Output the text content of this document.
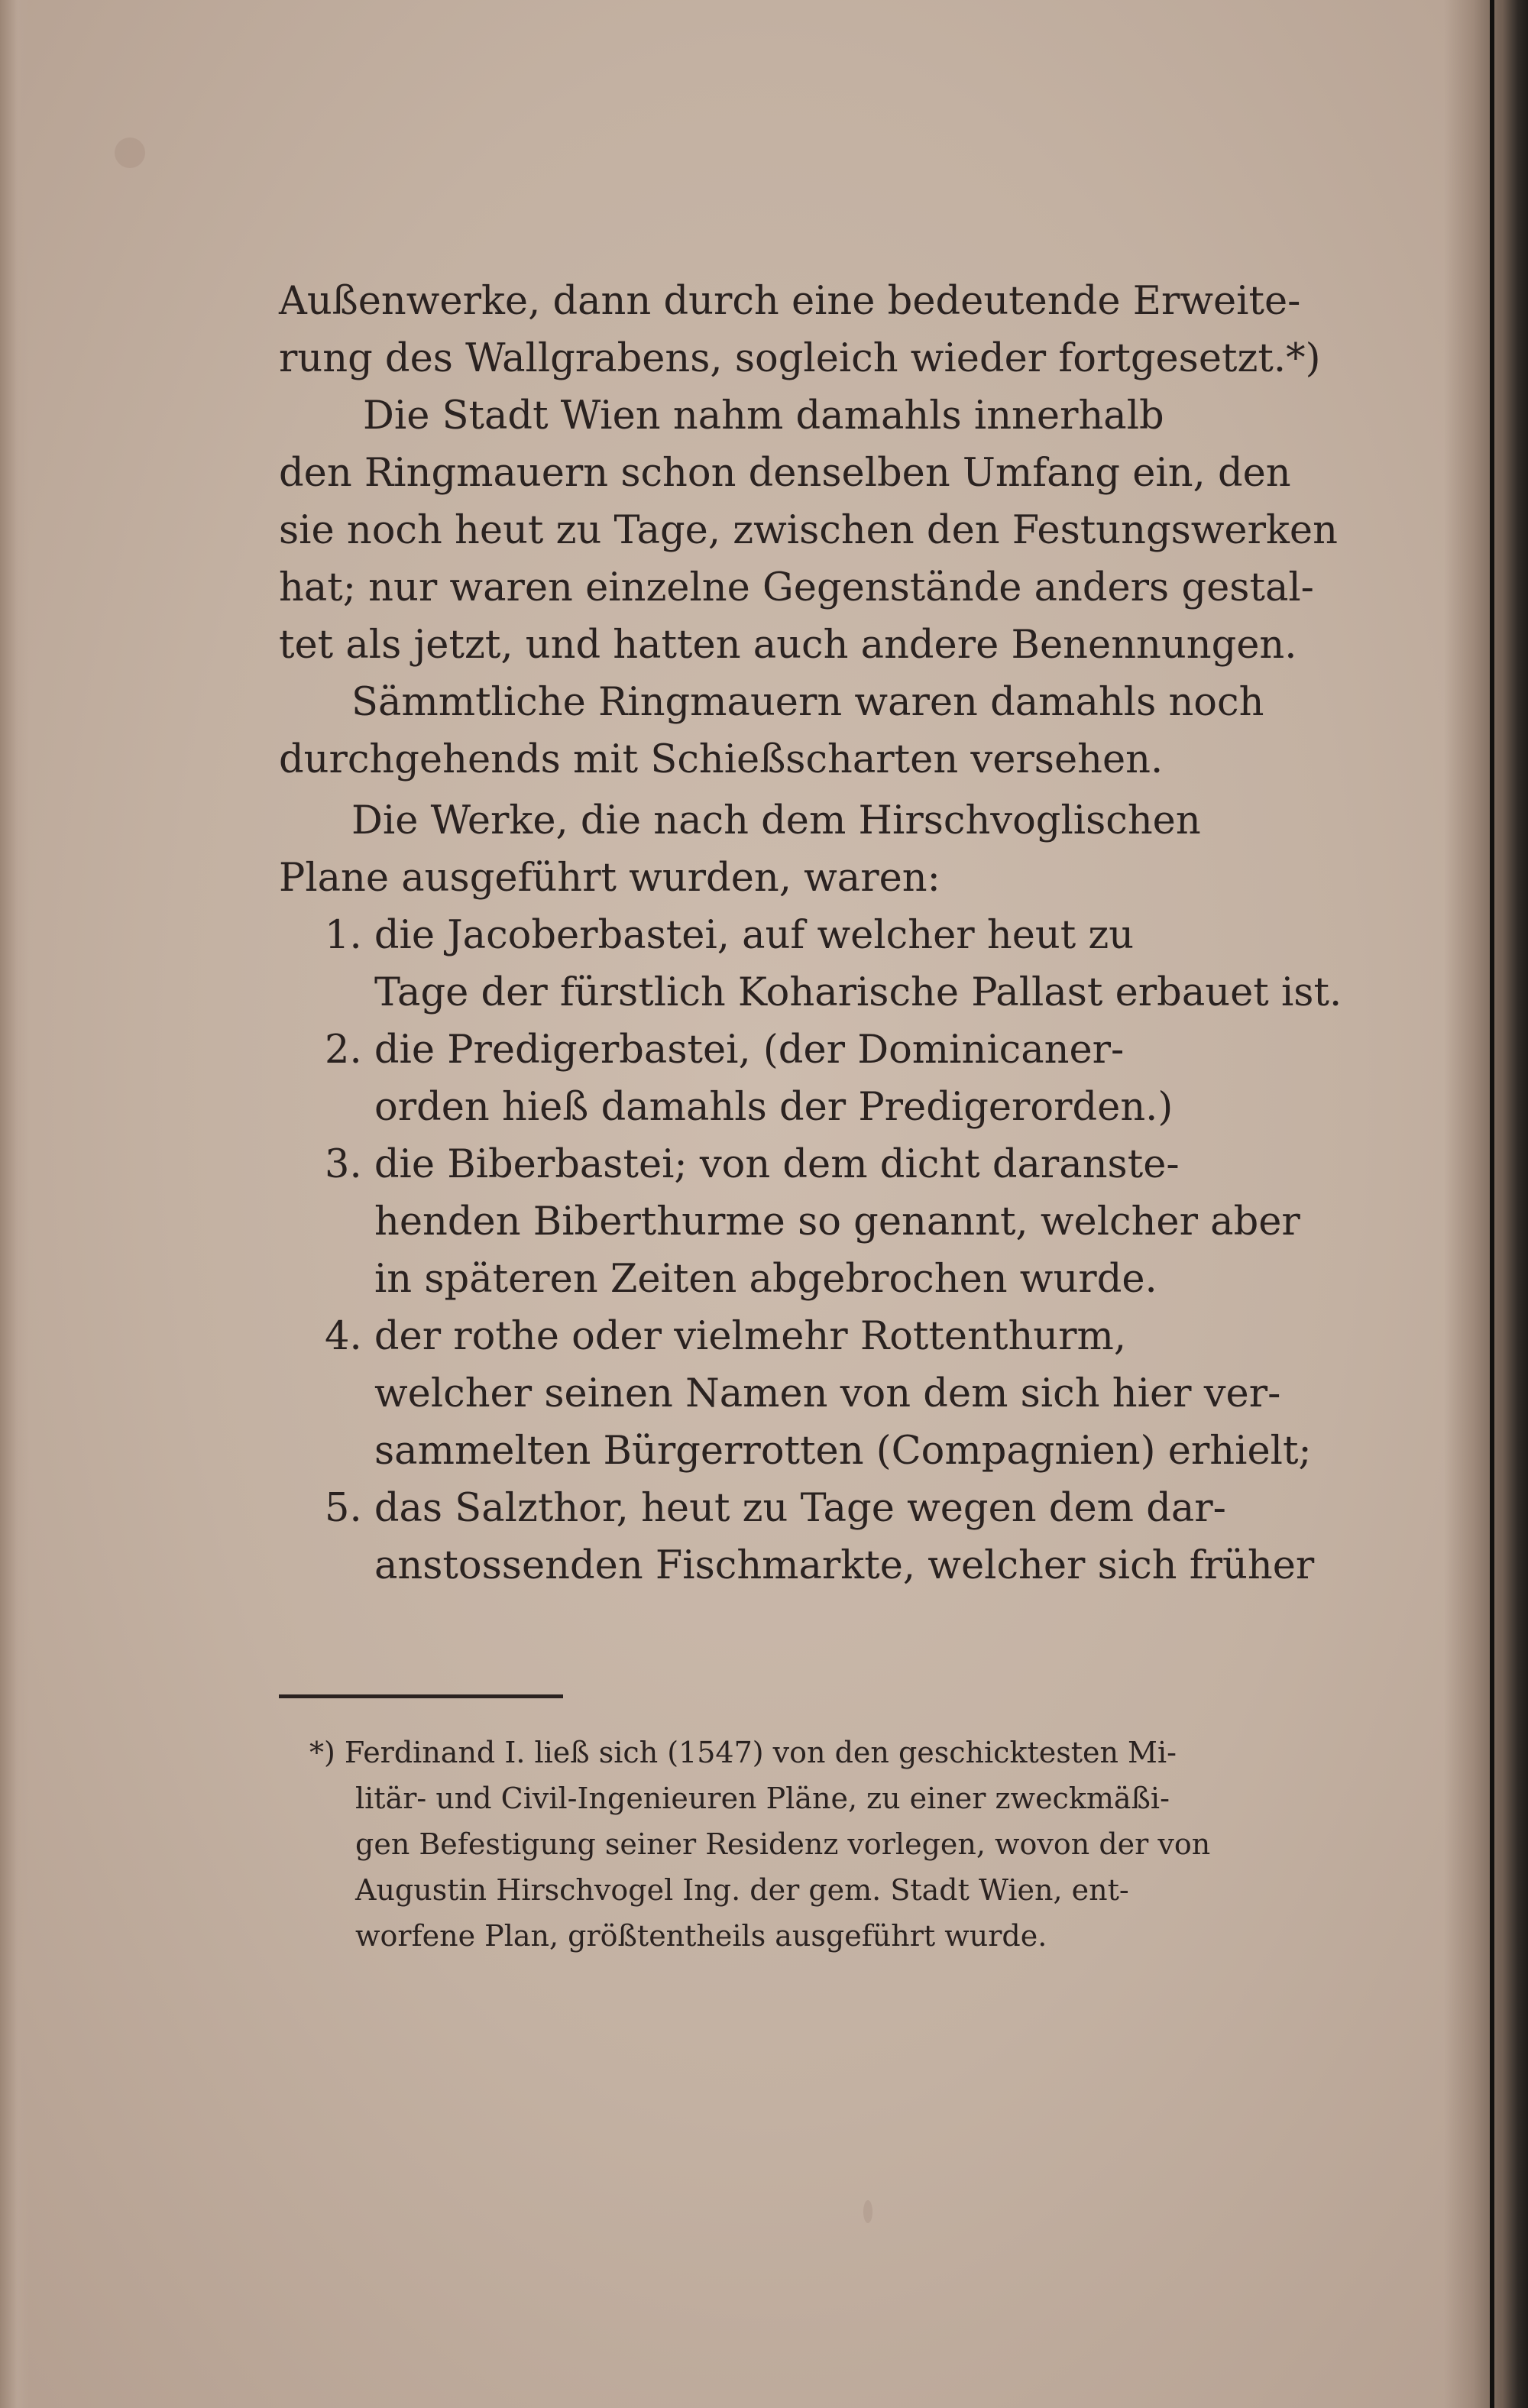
Außenwerke, dann durch eine bedeutende Erweite-
rung des Wallgrabens, sogleich wieder fortgesetzt.*)
Die Stadt Wien nahm damahls innerhalb
den Ringmauern schon denselben Umfang ein, den
sie noch heut zu Tage, zwischen den Festungswerken
hat; nur waren einzelne Gegenstände anders gestal-
tet als jetzt, und hatten auch andere Benennungen.
Sämmtliche Ringmauern waren damahls noch
durchgehends mit Schießscharten versehen.
Die Werke, die nach dem Hirschvoglischen
Plane ausgeführt wurden, waren:
1. die Jacoberbastei, auf welcher heut zu
Tage der fürstlich Koharische Pallast erbauet ist.
2. die Predigerbastei, (der Dominicaner-
orden hieß damahls der Predigerorden.)
3. die Biberbastei; von dem dicht daranste-
henden Biberthurme so genannt, welcher aber
in späteren Zeiten abgebrochen wurde.
4. der rothe oder vielmehr Rottenthurm,
welcher seinen Namen von dem sich hier ver-
sammelten Bürgerrotten (Compagnien) erhielt;
5. das Salzthor, heut zu Tage wegen dem dar-
anstossenden Fischmarkte, welcher sich früher
*) Ferdinand I. ließ sich (1547) von den geschicktesten Mi-
litär- und Civil-Ingenieuren Pläne, zu einer zweckmäßi-
gen Befestigung seiner Residenz vorlegen, wovon der von
Augustin Hirschvogel Ing. der gem. Stadt Wien, ent-
worfene Plan, größtentheils ausgeführt wurde.
